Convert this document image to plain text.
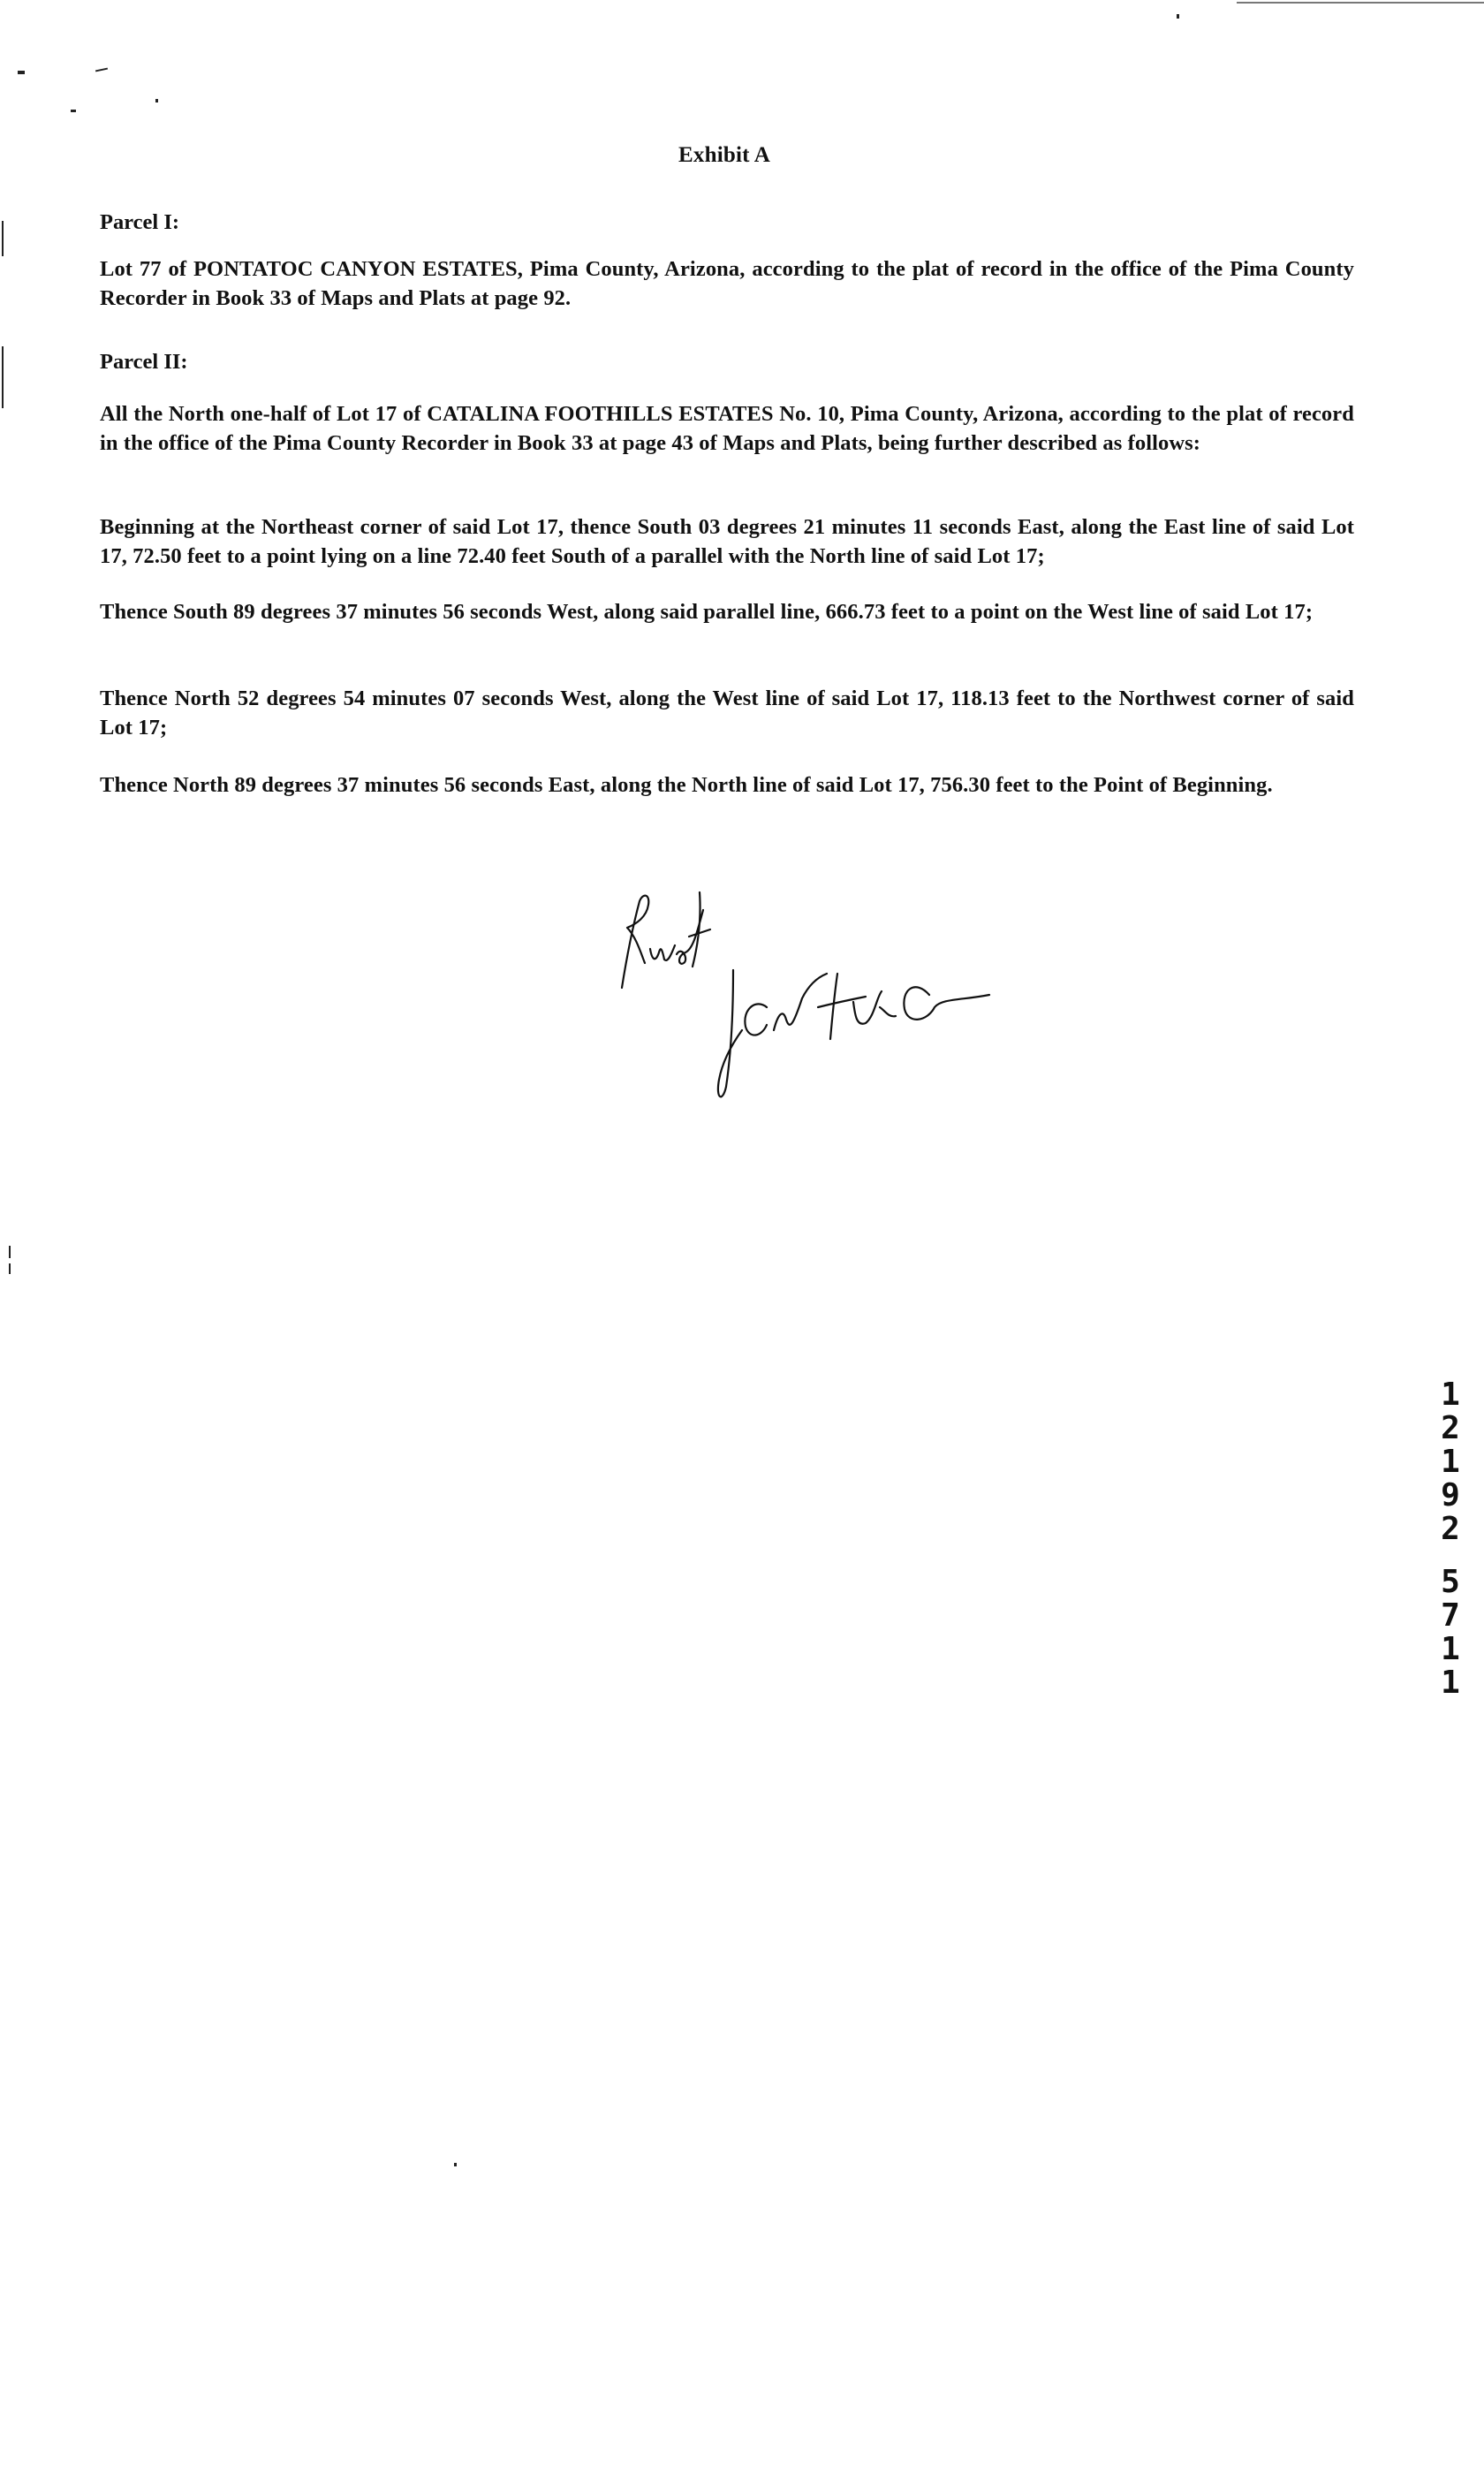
Exhibit A
Parcel I:
Lot 77 of PONTATOC CANYON ESTATES, Pima County, Arizona, according to the plat of record in the office of the Pima County Recorder in Book 33 of Maps and Plats at page 92.
Parcel II:
All the North one-half of Lot 17 of CATALINA FOOTHILLS ESTATES No. 10, Pima County, Arizona, according to the plat of record in the office of the Pima County Recorder in Book 33 at page 43 of Maps and Plats, being further described as follows:
Beginning at the Northeast corner of said Lot 17, thence South 03 degrees 21 minutes 11 seconds East, along the East line of said Lot 17, 72.50 feet to a point lying on a line 72.40 feet South of a parallel with the North line of said Lot 17;
Thence South 89 degrees 37 minutes 56 seconds West, along said parallel line, 666.73 feet to a point on the West line of said Lot 17;
Thence North 52 degrees 54 minutes 07 seconds West, along the West line of said Lot 17, 118.13 feet to the Northwest corner of said Lot 17;
Thence North 89 degrees 37 minutes 56 seconds East, along the North line of said Lot 17, 756.30 feet to the Point of Beginning.
1
2
1
9
2
5
7
1
1
